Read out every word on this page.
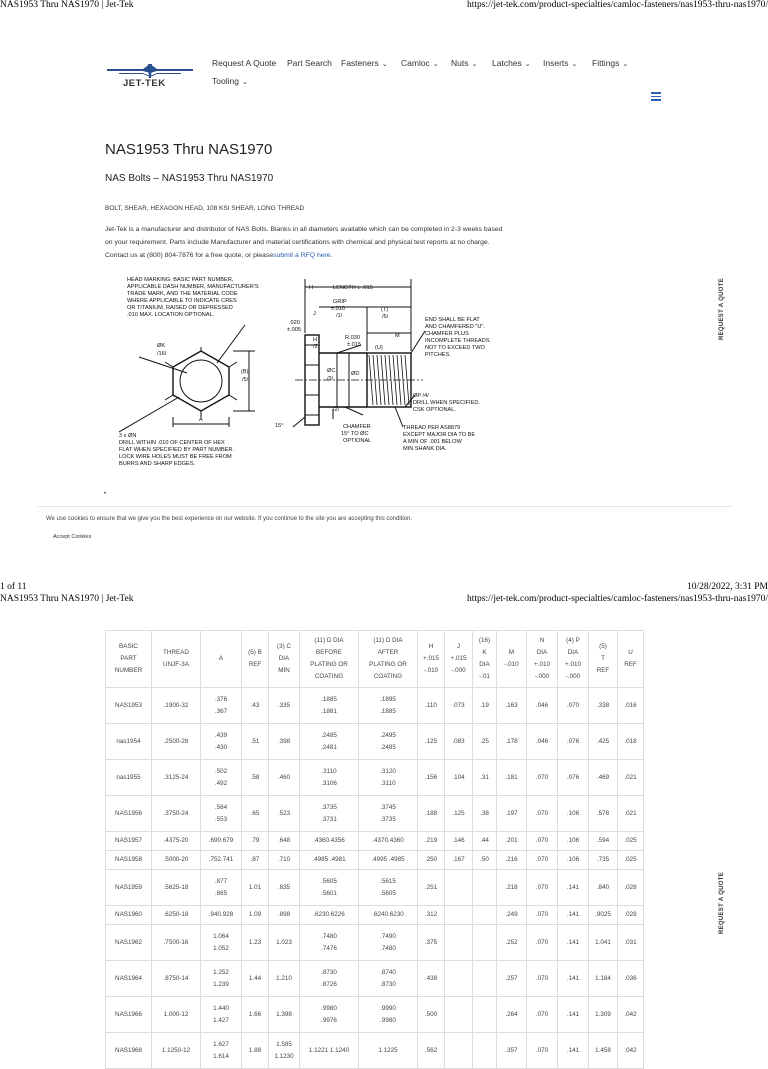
NAS1953 Thru NAS1970 | Jet-Tek	https://jet-tek.com/product-specialties/camloc-fasteners/nas1953-thru-nas1970/
JET-TEK
Request A Quote Part Search Fasteners ⌄ Camloc ⌄ Nuts ⌄ Latches ⌄ Inserts ⌄ Fittings ⌄
Tooling ⌄
REQUEST A QUOTE
NAS1953 Thru NAS1970
NAS Bolts – NAS1953 Thru NAS1970
BOLT, SHEAR, HEXAGON HEAD, 108 KSI SHEAR, LONG THREAD
Jet-Tek is a manufacturer and distributor of NAS Bolts. Blanks in all diameters available which can be completed in 2-3 weeks based on your requirement. Parts include Manufacturer and material certifications with chemical and physical test reports at no charge. Contact us at (800) 804-7876 for a free quote, or pleasesubmit a RFQ here.
HEAD MARKING: BASIC PART NUMBER,
APPLICABLE DASH NUMBER, MANUFACTURER'S
TRADE MARK, AND THE MATERIAL CODE
WHERE APPLICABLE TO INDICATE CRES
OR TITANIUM. RAISED OR DEPRESSED
.010 MAX. LOCATION OPTIONAL.
LENGTH ± .015
H
GRIP
±.010
/1/
(T)
/5/
J
M
.020
±.005
H
/2
R.030
±.015	(U)
END SHALL BE FLAT
AND CHAMFERED "U".
CHAMFER PLUS
INCOMPLETE THREADS
NOT TO EXCEED TWO
PITCHES.
ØK
/16/
(B)
/5/
ØC
/3/
ØD
ØP /4/
DRILL WHEN SPECIFIED.
CSK OPTIONAL.
A
15°
/2/
CHAMFER
15° TO ØC
OPTIONAL
THREAD PER AS8879
EXCEPT MAJOR DIA TO BE
A MIN OF .001 BELOW
MIN SHANK DIA.
3 x ØN
DRILL WITHIN .010 OF CENTER OF HEX
FLAT WHEN SPECIFIED BY PART NUMBER.
LOCK WIRE HOLES MUST BE FREE FROM
BURRS AND SHARP EDGES.
•
We use cookies to ensure that we give you the best experience on our website. If you continue to the site you are accepting this condition.
Accept Cookies
1 of 11	10/28/2022, 3:31 PM
NAS1953 Thru NAS1970 | Jet-Tek	https://jet-tek.com/product-specialties/camloc-fasteners/nas1953-thru-nas1970/
REQUEST A QUOTE
BASIC
PART
NUMBER	THREAD
UNJF-3A	A	(5) B
REF	(3) C
DIA
MIN	(11) D DIA
BEFORE
PLATING OR
COATING	(11) D DIA
AFTER
PLATING OR
COATING	H
+.015
-.010	J
+.015
-.000	(16)
K
DIA
-.01	M
-.010	N
DIA
+.010
-.000	(4) P
DIA
+.010
-.000	(5)
T
REF	U
REF

NAS1953	.1900-32	.376
.367	.43	.335	.1885
.1881	.1895
.1885	.110	.073	.19	.163	.046	.070	.338	.016

nas1954	.2500-28	.439
.430	.51	.398	.2485
.2481	.2495
.2485	.125	.083	.25	.178	.046	.076	.425	.018

nas1955	.3125-24	.502
.492	.58	.460	.3110
.3106	.3120
.3110	.156	.104	.31	.181	.070	.076	.469	.021

NAS1956	.3750-24	.564
.553	.65	.523	.3735
.3731	.3745
.3735	.188	.125	.38	.197	.070	.106	.578	.021

NAS1957	.4375-20	.690.679	.79	.648	.4360.4356	.4370.4360	.219	.146	.44	.201	.070	.106	.594	.025

NAS1958	.5000-20	.752.741	.87	.710	.4985 .4981	.4995 .4985	.250	.167	.50	.216	.070	.106	.735	.025

NAS1959	.5625-18	.877
.865	1.01	.835	.5605
.5601	.5615
.5605	.251			.218	.070	.141	.840	.028

NAS1960	.6250-18	.940.928	1.09	.898	.6230.6226	.6240.6230	.312			.249	.070	.141	.9025	.028

NAS1962	.7500-16	1.064
1.052	1.23	1.023	.7480
.7476	.7490
.7480	.375			.252	.070	.141	1.041	.031

NAS1964	.8750-14	1.252
1.239	1.44	1.210	.8730
.8726	.8740
.8730	.438			.257	.070	.141	1.184	.036

NAS1966	1.000-12	1.440
1.427	1.66	1.398	.9980
.9976	.9990
.9980	.500			.264	.070	.141	1.309	.042

NAS1968	1.1250-12	1.627
1.614	1.88	1.585
1.1230	1.1221 1.1240	1.1225	.562			.357	.070	.141	1.458	.042
